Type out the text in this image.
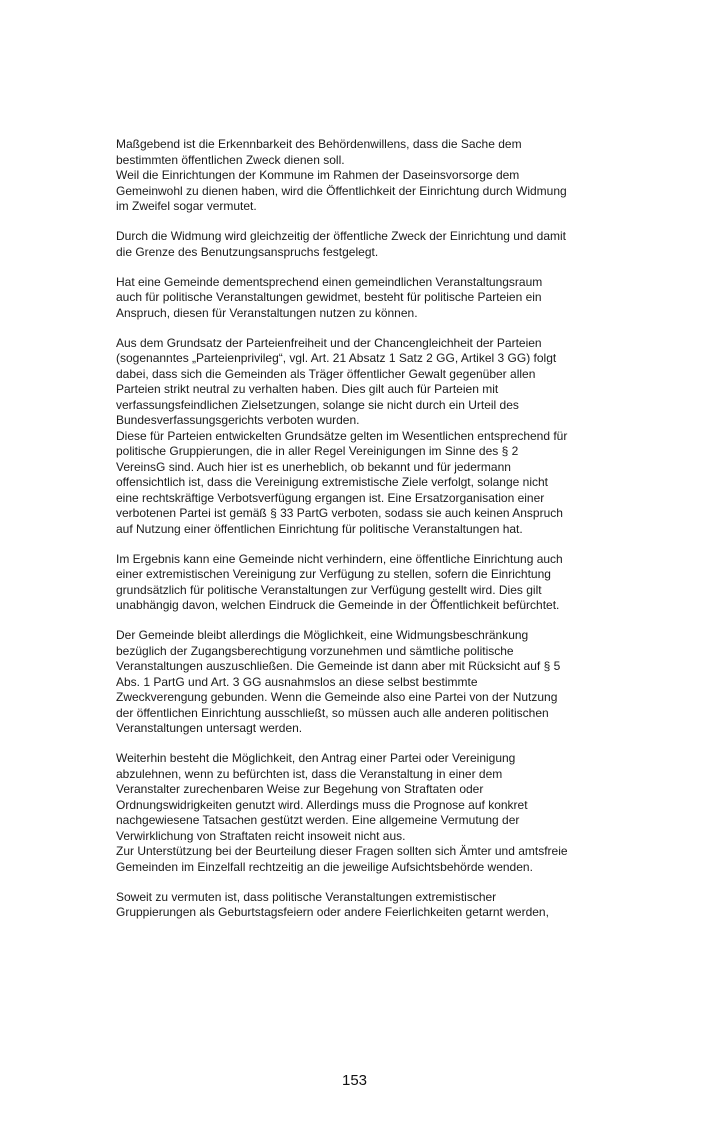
Maßgebend ist die Erkennbarkeit des Behördenwillens, dass die Sache dem
bestimmten öffentlichen Zweck dienen soll.
Weil die Einrichtungen der Kommune im Rahmen der Daseinsvorsorge dem
Gemeinwohl zu dienen haben, wird die Öffentlichkeit der Einrichtung durch Widmung
im Zweifel sogar vermutet.

Durch die Widmung wird gleichzeitig der öffentliche Zweck der Einrichtung und damit
die Grenze des Benutzungsanspruchs festgelegt.

Hat eine Gemeinde dementsprechend einen gemeindlichen Veranstaltungsraum
auch für politische Veranstaltungen gewidmet, besteht für politische Parteien ein
Anspruch, diesen für Veranstaltungen nutzen zu können.

Aus dem Grundsatz der Parteienfreiheit und der Chancengleichheit der Parteien
(sogenanntes „Parteienprivileg“, vgl. Art. 21 Absatz 1 Satz 2 GG, Artikel 3 GG) folgt
dabei, dass sich die Gemeinden als Träger öffentlicher Gewalt gegenüber allen
Parteien strikt neutral zu verhalten haben. Dies gilt auch für Parteien mit
verfassungsfeindlichen Zielsetzungen, solange sie nicht durch ein Urteil des
Bundesverfassungsgerichts verboten wurden.
Diese für Parteien entwickelten Grundsätze gelten im Wesentlichen entsprechend für
politische Gruppierungen, die in aller Regel Vereinigungen im Sinne des § 2
VereinsG sind. Auch hier ist es unerheblich, ob bekannt und für jedermann
offensichtlich ist, dass die Vereinigung extremistische Ziele verfolgt, solange nicht
eine rechtskräftige Verbotsverfügung ergangen ist. Eine Ersatzorganisation einer
verbotenen Partei ist gemäß § 33 PartG verboten, sodass sie auch keinen Anspruch
auf Nutzung einer öffentlichen Einrichtung für politische Veranstaltungen hat.

Im Ergebnis kann eine Gemeinde nicht verhindern, eine öffentliche Einrichtung auch
einer extremistischen Vereinigung zur Verfügung zu stellen, sofern die Einrichtung
grundsätzlich für politische Veranstaltungen zur Verfügung gestellt wird. Dies gilt
unabhängig davon, welchen Eindruck die Gemeinde in der Öffentlichkeit befürchtet.

Der Gemeinde bleibt allerdings die Möglichkeit, eine Widmungsbeschränkung
bezüglich der Zugangsberechtigung vorzunehmen und sämtliche politische
Veranstaltungen auszuschließen. Die Gemeinde ist dann aber mit Rücksicht auf § 5
Abs. 1 PartG und Art. 3 GG ausnahmslos an diese selbst bestimmte
Zweckverengung gebunden. Wenn die Gemeinde also eine Partei von der Nutzung
der öffentlichen Einrichtung ausschließt, so müssen auch alle anderen politischen
Veranstaltungen untersagt werden.

Weiterhin besteht die Möglichkeit, den Antrag einer Partei oder Vereinigung
abzulehnen, wenn zu befürchten ist, dass die Veranstaltung in einer dem
Veranstalter zurechenbaren Weise zur Begehung von Straftaten oder
Ordnungswidrigkeiten genutzt wird. Allerdings muss die Prognose auf konkret
nachgewiesene Tatsachen gestützt werden. Eine allgemeine Vermutung der
Verwirklichung von Straftaten reicht insoweit nicht aus.
Zur Unterstützung bei der Beurteilung dieser Fragen sollten sich Ämter und amtsfreie
Gemeinden im Einzelfall rechtzeitig an die jeweilige Aufsichtsbehörde wenden.

Soweit zu vermuten ist, dass politische Veranstaltungen extremistischer
Gruppierungen als Geburtstagsfeiern oder andere Feierlichkeiten getarnt werden,

153
